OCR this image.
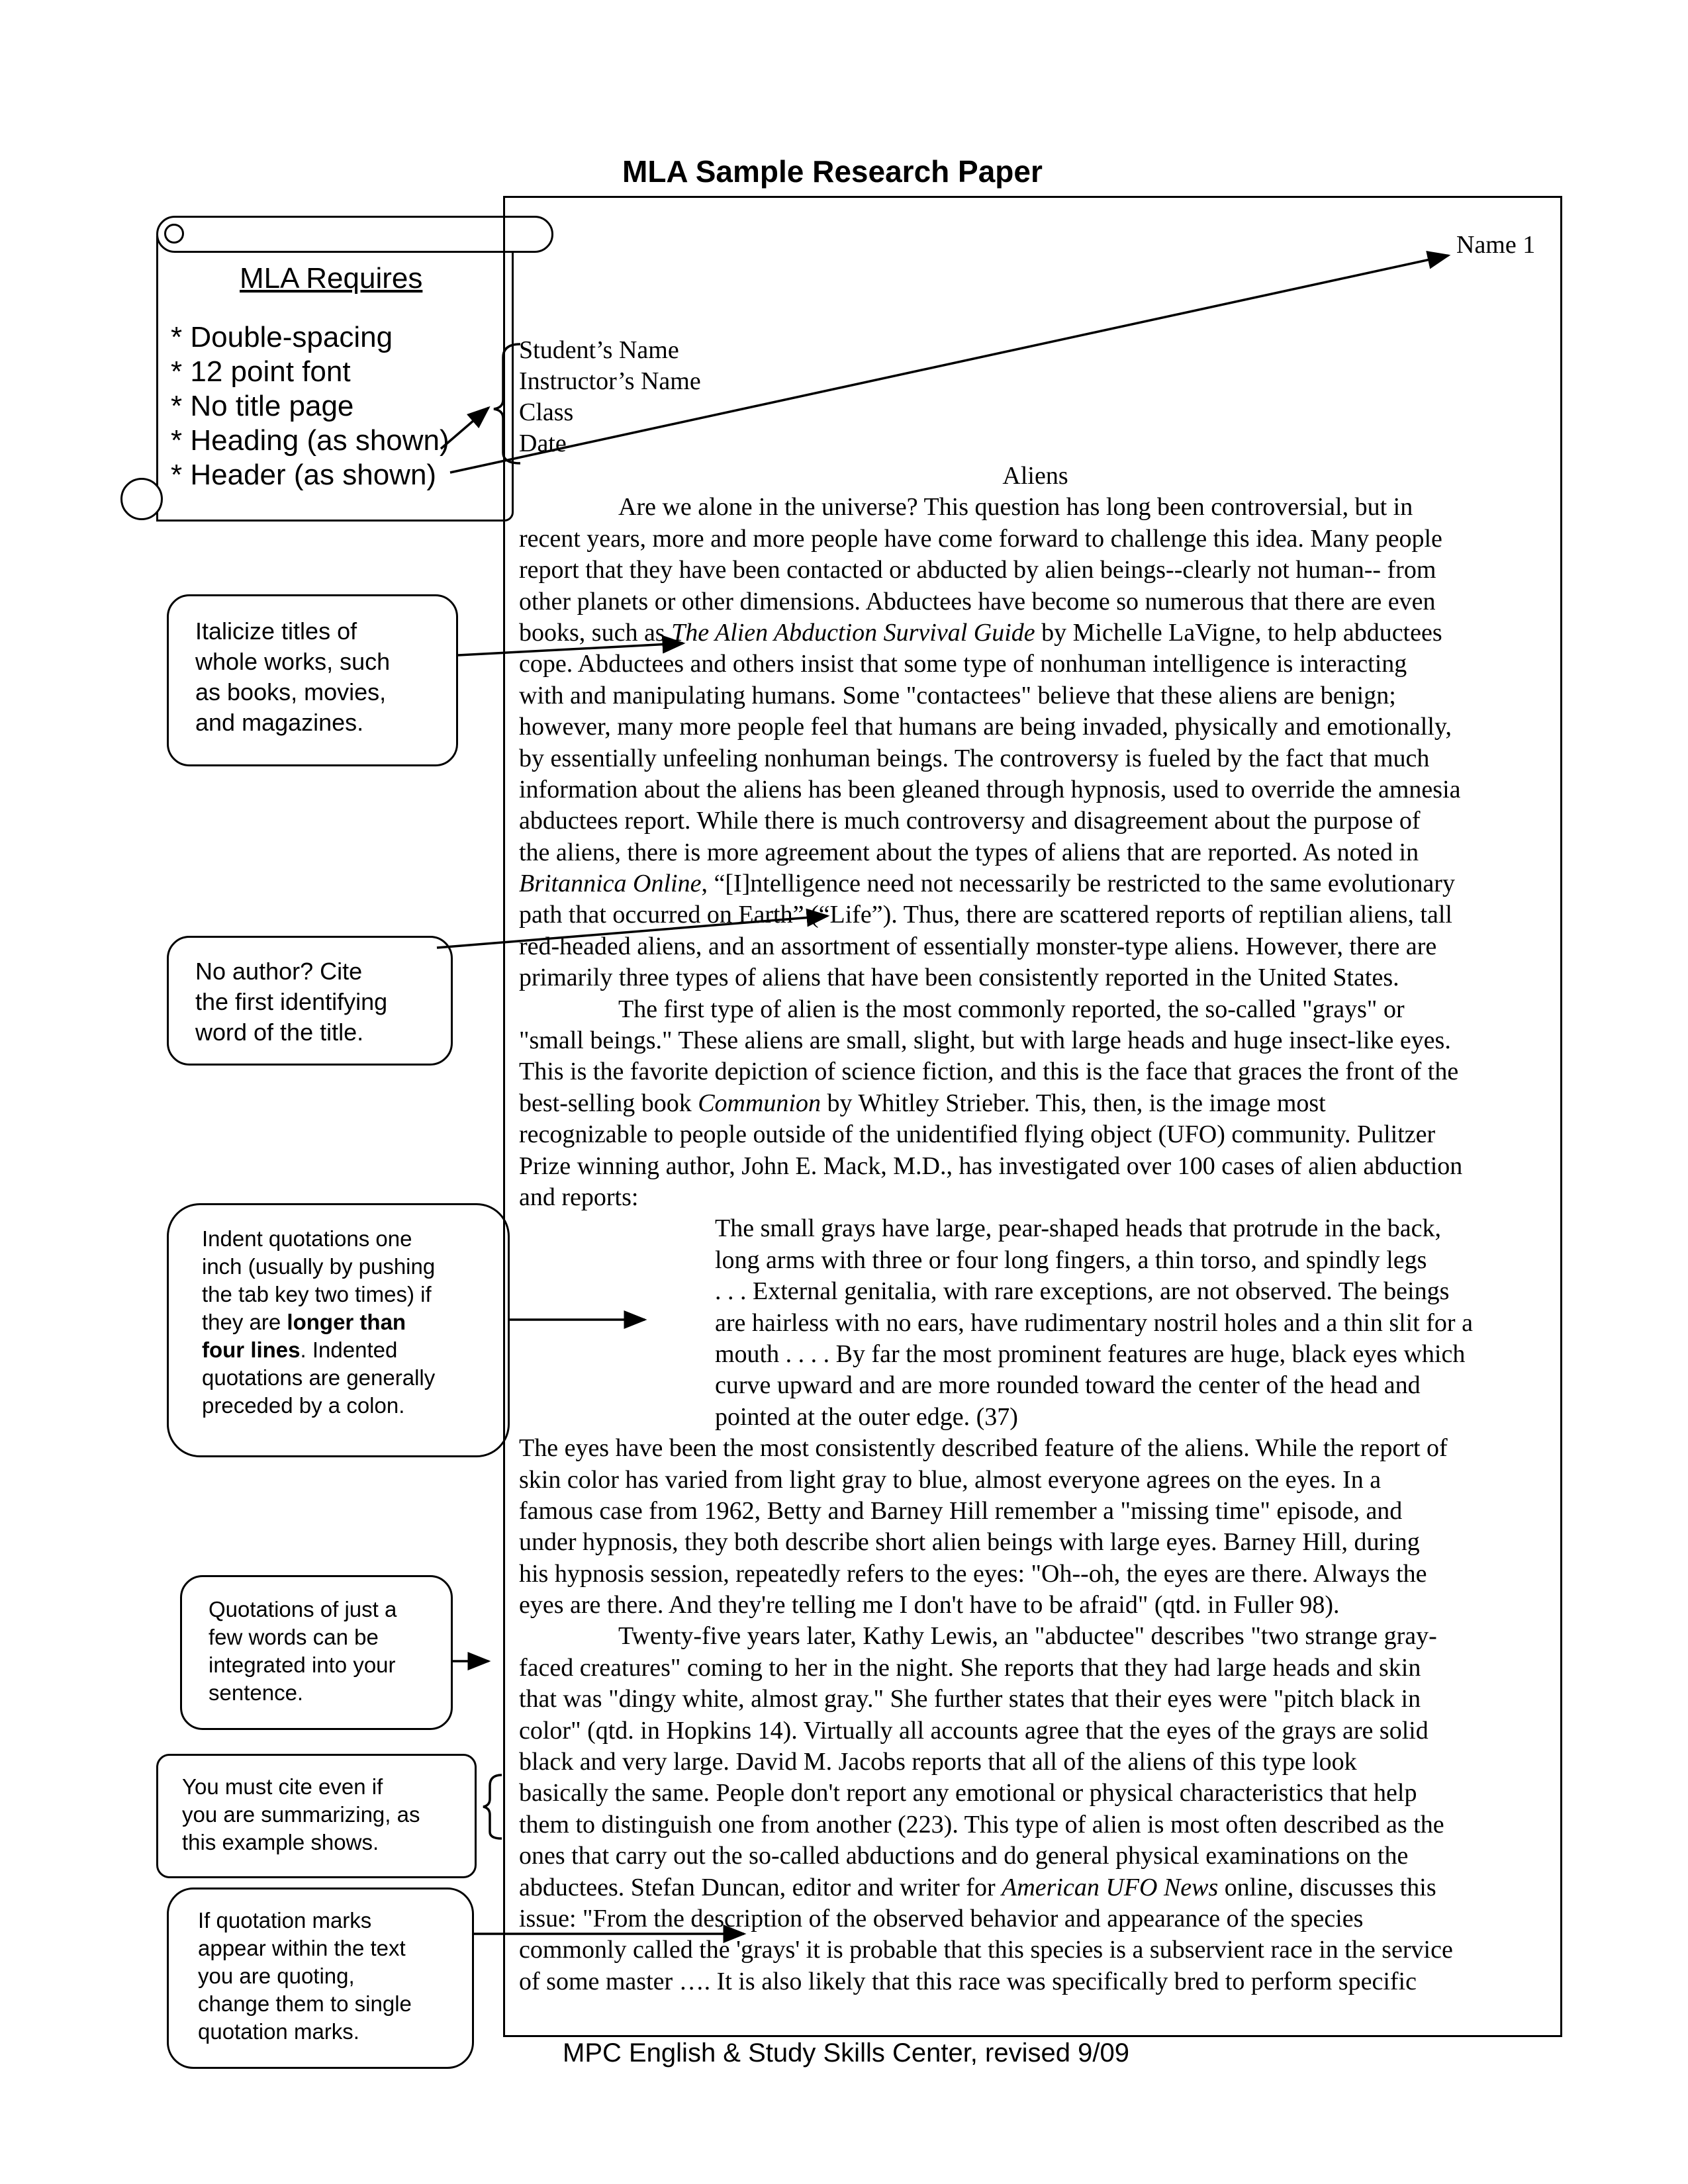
MLA Sample Research Paper
MLA Requires
* Double-spacing
* 12 point font
* No title page
* Heading (as shown)
* Header (as shown)
Italicize titles of
whole works, such
as books, movies,
and magazines.
No author? Cite
the first identifying
word of the title.
Indent quotations one
inch (usually by pushing
the tab key two times) if
they are longer than
four lines. Indented
quotations are generally
preceded by a colon.
Quotations of just a
few words can be
integrated into your
sentence.
You must cite even if
you are summarizing, as
this example shows.
If quotation marks
appear within the text
you are quoting,
change them to single
quotation marks.
Name 1
Student’s Name
Instructor’s Name
Class
Date
Aliens
Are we alone in the universe? This question has long been controversial, but in
recent years, more and more people have come forward to challenge this idea. Many people
report that they have been contacted or abducted by alien beings--clearly not human-- from
other planets or other dimensions. Abductees have become so numerous that there are even
books, such as The Alien Abduction Survival Guide by Michelle LaVigne, to help abductees
cope. Abductees and others insist that some type of nonhuman intelligence is interacting
with and manipulating humans. Some "contactees" believe that these aliens are benign;
however, many more people feel that humans are being invaded, physically and emotionally,
by essentially unfeeling nonhuman beings. The controversy is fueled by the fact that much
information about the aliens has been gleaned through hypnosis, used to override the amnesia
abductees report. While there is much controversy and disagreement about the purpose of
the aliens, there is more agreement about the types of aliens that are reported. As noted in
Britannica Online, “[I]ntelligence need not necessarily be restricted to the same evolutionary
path that occurred on Earth” (“Life”). Thus, there are scattered reports of reptilian aliens, tall
red-headed aliens, and an assortment of essentially monster-type aliens. However, there are
primarily three types of aliens that have been consistently reported in the United States.
The first type of alien is the most commonly reported, the so-called "grays" or
"small beings." These aliens are small, slight, but with large heads and huge insect-like eyes.
This is the favorite depiction of science fiction, and this is the face that graces the front of the
best-selling book Communion by Whitley Strieber. This, then, is the image most
recognizable to people outside of the unidentified flying object (UFO) community. Pulitzer
Prize winning author, John E. Mack, M.D., has investigated over 100 cases of alien abduction
and reports:
The small grays have large, pear-shaped heads that protrude in the back,
long arms with three or four long fingers, a thin torso, and spindly legs
. . . External genitalia, with rare exceptions, are not observed. The beings
are hairless with no ears, have rudimentary nostril holes and a thin slit for a
mouth . . . . By far the most prominent features are huge, black eyes which
curve upward and are more rounded toward the center of the head and
pointed at the outer edge. (37)
The eyes have been the most consistently described feature of the aliens. While the report of
skin color has varied from light gray to blue, almost everyone agrees on the eyes. In a
famous case from 1962, Betty and Barney Hill remember a "missing time" episode, and
under hypnosis, they both describe short alien beings with large eyes. Barney Hill, during
his hypnosis session, repeatedly refers to the eyes: "Oh--oh, the eyes are there. Always the
eyes are there. And they're telling me I don't have to be afraid" (qtd. in Fuller 98).
Twenty-five years later, Kathy Lewis, an "abductee" describes "two strange gray-
faced creatures" coming to her in the night. She reports that they had large heads and skin
that was "dingy white, almost gray." She further states that their eyes were "pitch black in
color" (qtd. in Hopkins 14). Virtually all accounts agree that the eyes of the grays are solid
black and very large. David M. Jacobs reports that all of the aliens of this type look
basically the same. People don't report any emotional or physical characteristics that help
them to distinguish one from another (223). This type of alien is most often described as the
ones that carry out the so-called abductions and do general physical examinations on the
abductees. Stefan Duncan, editor and writer for American UFO News online, discusses this
issue: "From the description of the observed behavior and appearance of the species
commonly called the 'grays' it is probable that this species is a subservient race in the service
of some master …. It is also likely that this race was specifically bred to perform specific
MPC English & Study Skills Center, revised 9/09
